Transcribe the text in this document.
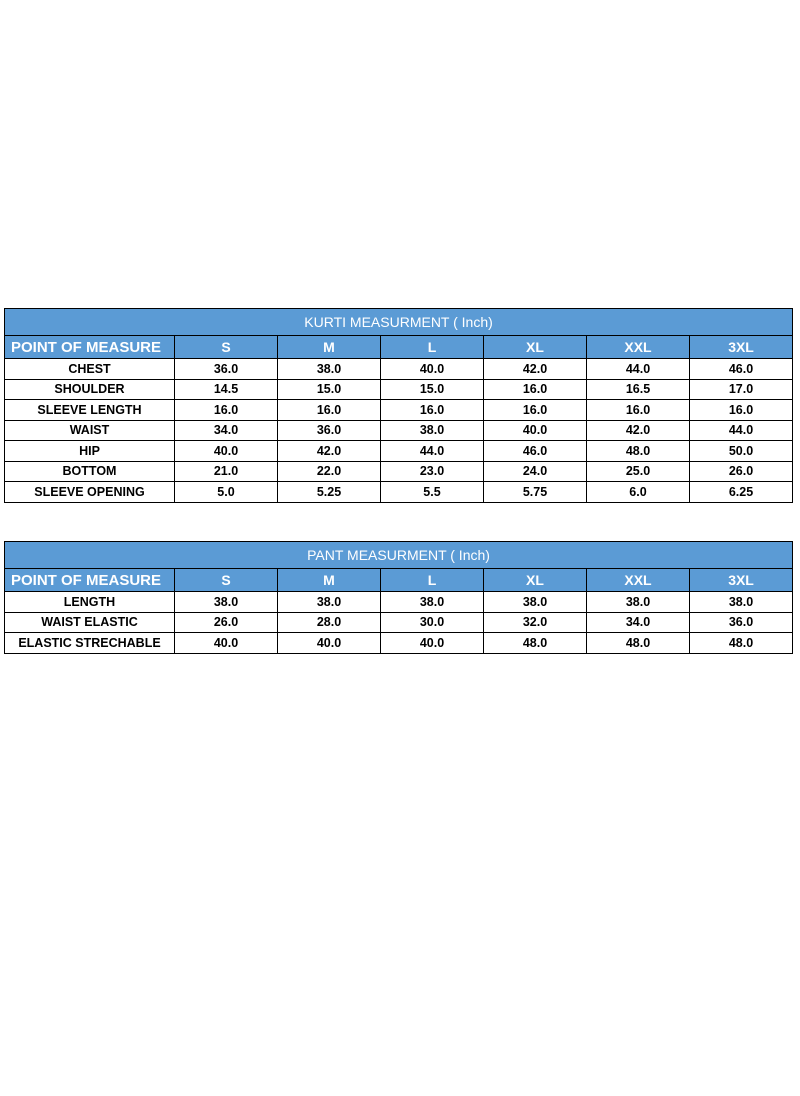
KURTI MEASURMENT ( Inch)						
POINT OF MEASURE	S	M	L	XL	XXL	3XL
CHEST	36.0	38.0	40.0	42.0	44.0	46.0
SHOULDER	14.5	15.0	15.0	16.0	16.5	17.0
SLEEVE LENGTH	16.0	16.0	16.0	16.0	16.0	16.0
WAIST	34.0	36.0	38.0	40.0	42.0	44.0
HIP	40.0	42.0	44.0	46.0	48.0	50.0
BOTTOM	21.0	22.0	23.0	24.0	25.0	26.0
SLEEVE OPENING	5.0	5.25	5.5	5.75	6.0	6.25
PANT MEASURMENT ( Inch)						
POINT OF MEASURE	S	M	L	XL	XXL	3XL
LENGTH	38.0	38.0	38.0	38.0	38.0	38.0
WAIST ELASTIC	26.0	28.0	30.0	32.0	34.0	36.0
ELASTIC STRECHABLE	40.0	40.0	40.0	48.0	48.0	48.0
